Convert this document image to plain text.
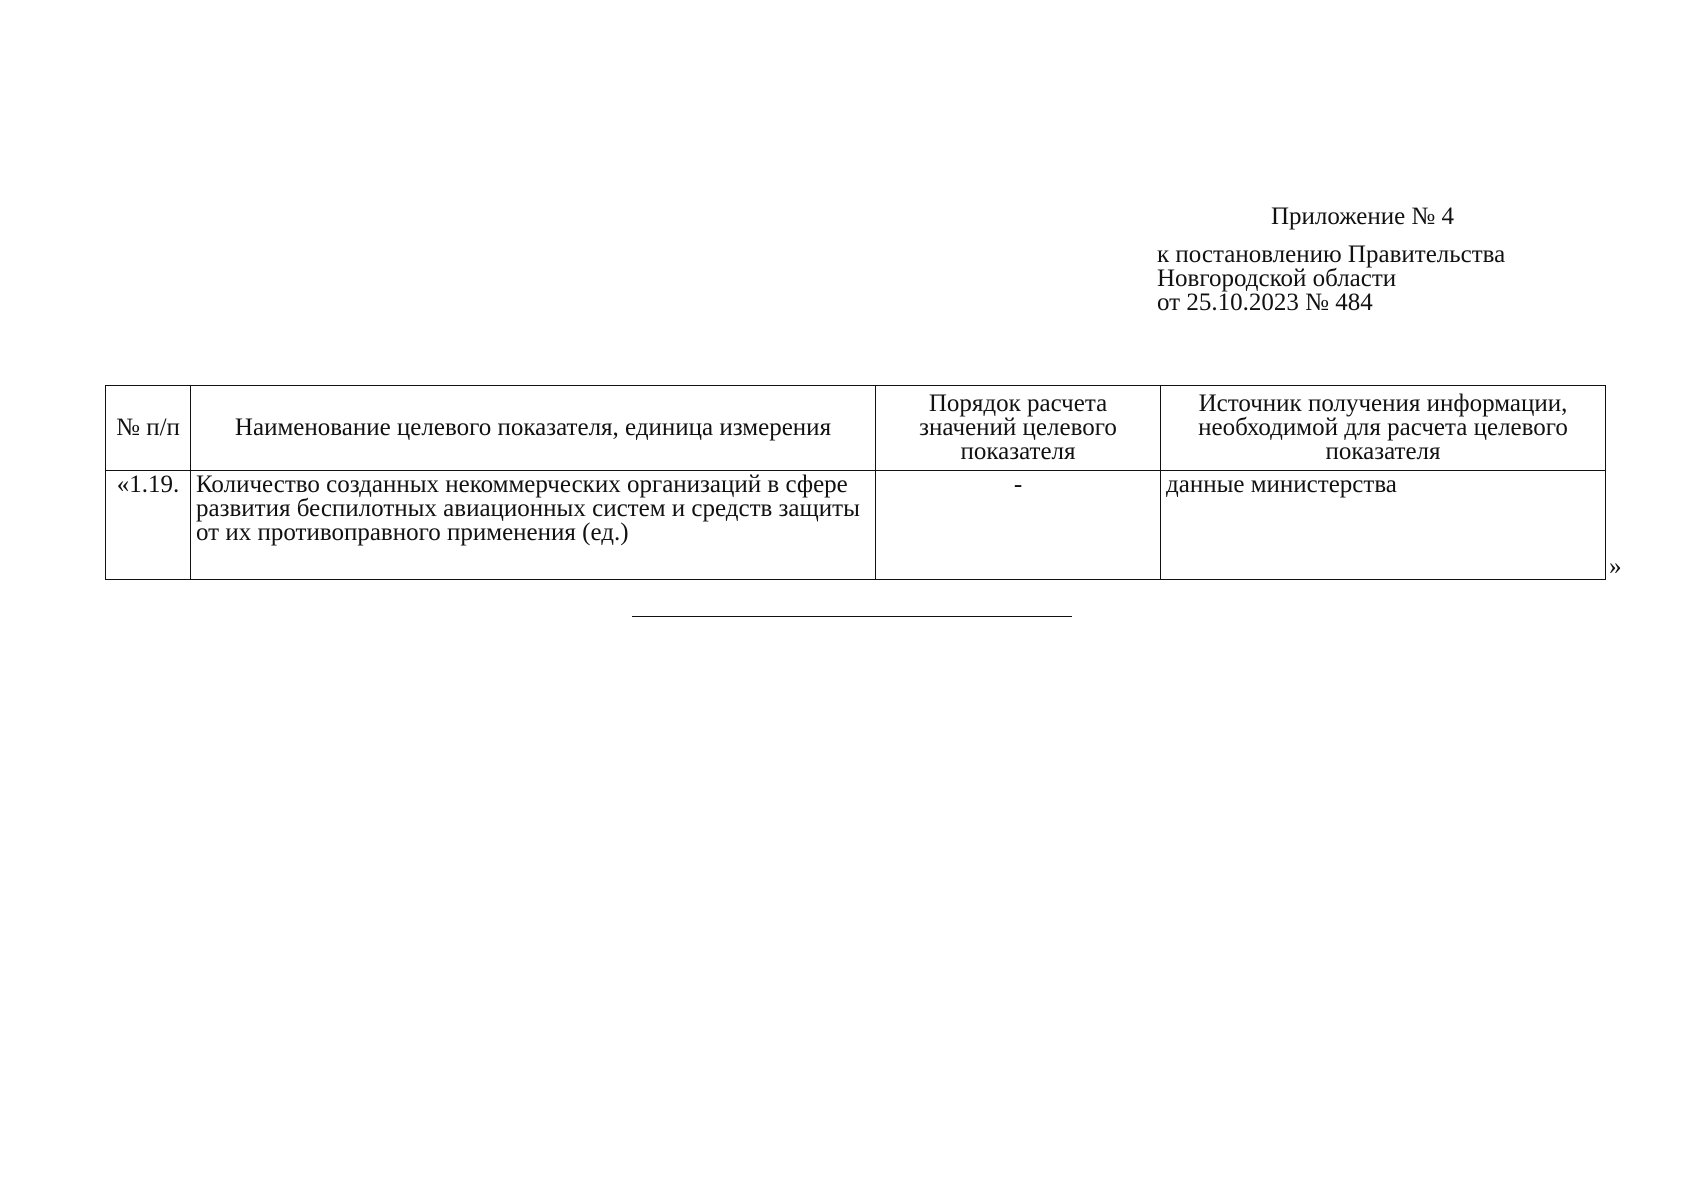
Приложение № 4
к постановлению Правительства
Новгородской области
от 25.10.2023 № 484
№ п/п	Наименование целевого показателя, единица измерения	Порядок расчета значений целевого показателя	Источник получения информации, необходимой для расчета целевого показателя
«1.19.	Количество созданных некоммерческих организаций в сфере развития беспилотных авиационных систем и средств защиты от их противоправного применения (ед.)	-	данные министерства
»
